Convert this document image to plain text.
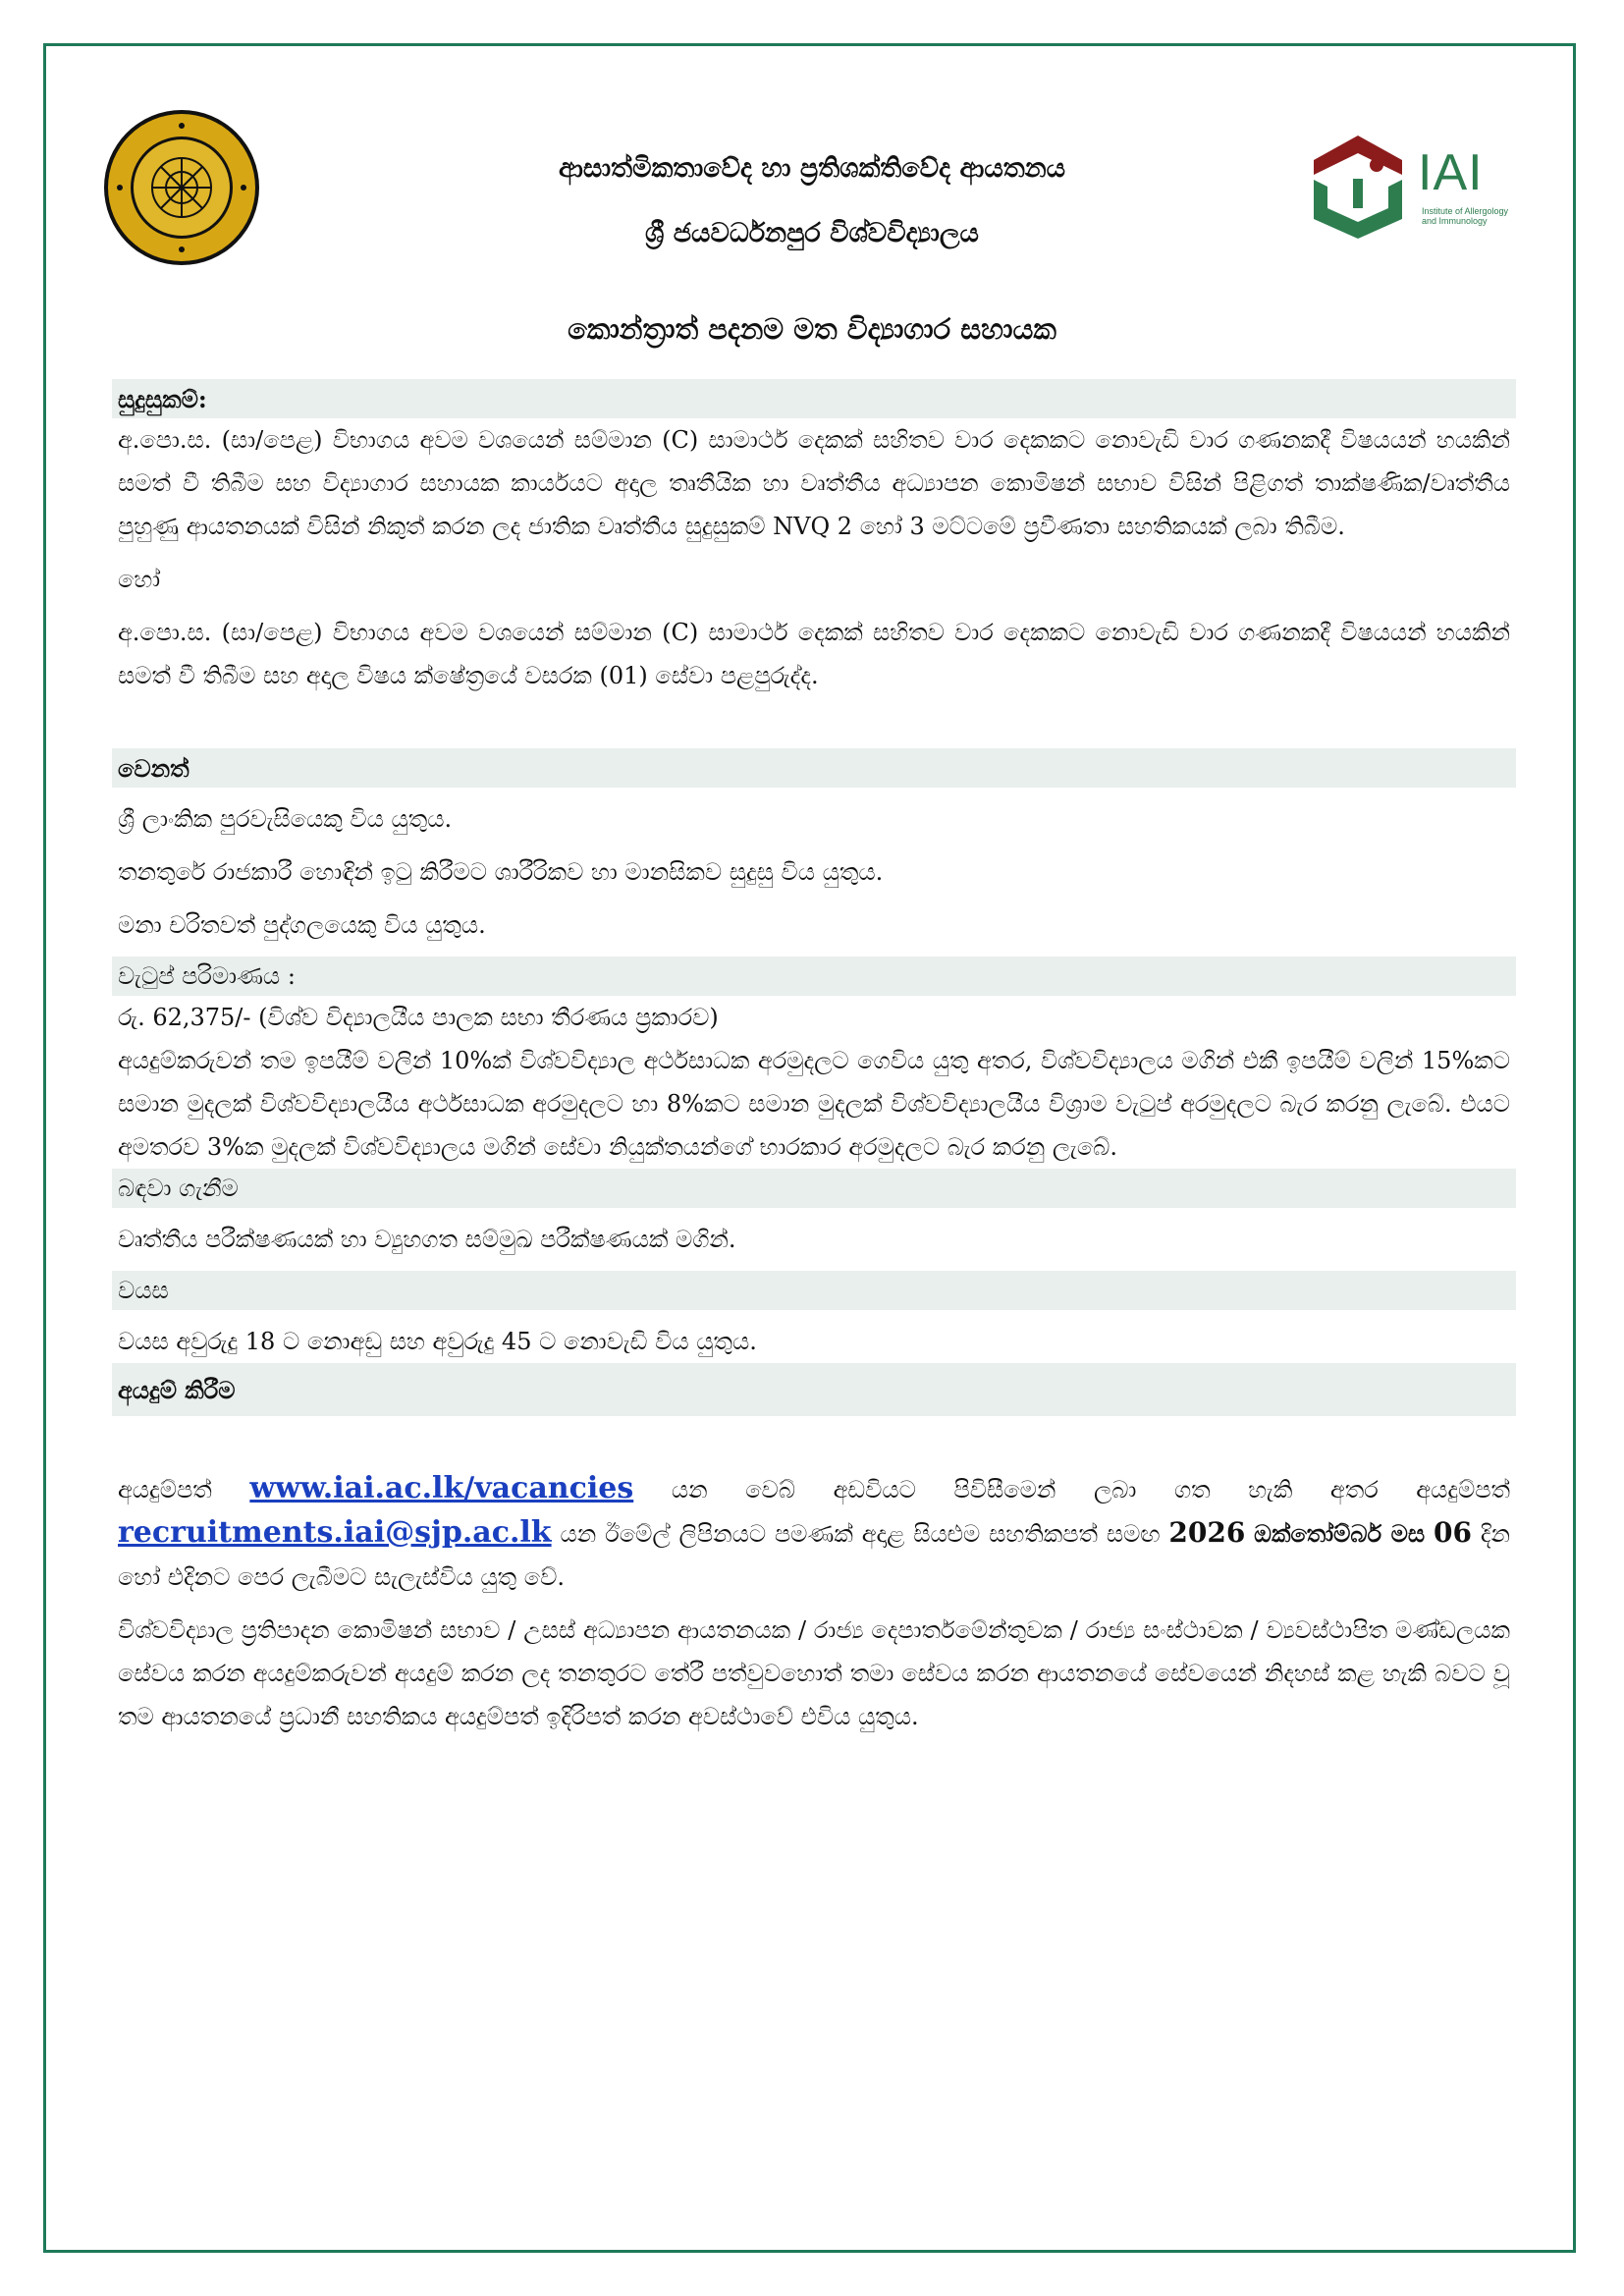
IAI
Institute of Allergology and Immunology
ආසාත්මිකතාවේද හා ප්‍රතිශක්තිවේද ආයතනය
ශ්‍රී ජයවර්ධනපුර විශ්වවිද්‍යාලය
කොන්ත්‍රාත් පදනම මත විද්‍යාගාර සහායක
සුදුසුකම්:

අ.පො.ස. (සා/පෙළ) විභාගය අවම වශයෙන් සම්මාන (C) සාමාර්ථ දෙකක් සහිතව වාර දෙකකට නොවැඩි වාර ගණනකදී විෂයයන් හයකින් සමත් වී තිබීම සහ විද්‍යාගාර සහායක කාර්යයට අදාල තෘතීයික හා වෘත්තීය අධ්‍යාපන කොමිෂන් සභාව විසින් පිළිගත් තාක්ෂණික/වෘත්තීය පුහුණු ආයතනයක් විසින් නිකුත් කරන ලද ජාතික වෘත්තීය සුදුසුකම් NVQ 2 හෝ 3 මට්ටමේ ප්‍රවීණතා සහතිකයක් ලබා තිබීම.

හෝ

අ.පො.ස. (සා/පෙළ) විභාගය අවම වශයෙන් සම්මාන (C) සාමාර්ථ දෙකක් සහිතව වාර දෙකකට නොවැඩි වාර ගණනකදී විෂයයන් හයකින් සමත් වී තිබීම සහ අදාල විෂය ක්ෂේත්‍රයේ වසරක (01) සේවා පළපුරුද්ද.

වෙනත්

ශ්‍රී ලාංකික පුරවැසියෙකු විය යුතුය.

තනතුරේ රාජකාරී හොඳින් ඉටු කිරීමට ශාරීරිකව හා මානසිකව සුදුසු විය යුතුය.

මනා චරිතවත් පුද්ගලයෙකු විය යුතුය.

වැටුප් පරිමාණය :

රු. 62,375/- (විශ්ව විද්‍යාලයීය පාලක සභා තීරණය ප්‍රකාරව)

අයදුම්කරුවන් තම ඉපයීම් වලින් 10%ක් විශ්වවිද්‍යාල අර්ථසාධක අරමුදලට ගෙවිය යුතු අතර, විශ්වවිද්‍යාලය මගින් එකී ඉපයීම් වලින් 15%කට සමාන මුදලක් විශ්වවිද්‍යාලයීය අර්ථසාධක අරමුදලට හා 8%කට සමාන මුදලක් විශ්වවිද්‍යාලයීය විශ්‍රාම වැටුප් අරමුදලට බැර කරනු ලැබේ. එයට අමතරව 3%ක මුදලක් විශ්වවිද්‍යාලය මගින් සේවා නියුක්තයන්ගේ භාරකාර අරමුදලට බැර කරනු ලැබේ.

බඳවා ගැනීම

වෘත්තීය පරීක්ෂණයක් හා ව්‍යුහගත සම්මුඛ පරීක්ෂණයක් මගින්.

වයස

වයස අවුරුදු 18 ට නොඅඩු සහ අවුරුදු 45 ට නොවැඩි විය යුතුය.

අයදුම් කිරීම

අයදුම්පත් www.iai.ac.lk/vacancies යන වෙබ් අඩවියට පිවිසීමෙන් ලබා ගත හැකි අතර අයදුම්පත් recruitments.iai@sjp.ac.lk යන ඊමේල් ලිපිනයට පමණක් අදාළ සියළුම සහතිකපත් සමඟ 2026 ඔක්තෝම්බර් මස 06 දින හෝ එදිනට පෙර ලැබීමට සැලැස්විය යුතු වේ.

විශ්වවිද්‍යාල ප්‍රතිපාදන කොමිෂන් සභාව / උසස් අධ්‍යාපන ආයතනයක / රාජ්‍ය දෙපාර්තමේන්තුවක / රාජ්‍ය සංස්ථාවක / ව්‍යවස්ථාපිත මණ්ඩලයක සේවය කරන අයදුම්කරුවන් අයදුම් කරන ලද තනතුරට තේරී පත්වුවහොත් තමා සේවය කරන ආයතනයේ සේවයෙන් නිදහස් කළ හැකි බවට වූ තම ආයතනයේ ප්‍රධානී සහතිකය අයදුම්පත් ඉදිරිපත් කරන අවස්ථාවේ එවිය යුතුය.
